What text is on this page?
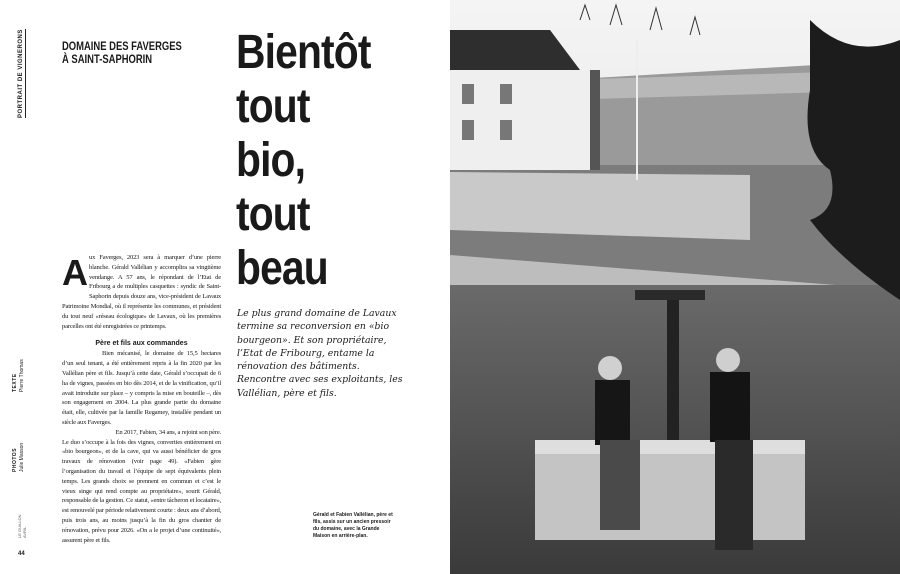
PORTRAIT DE VIGNERONS
TEXTE Pierre Thomas
PHOTOS Julie Masson
LE GUILLON AVRIL
44
DOMAINE DES FAVERGES
À SAINT-SAPHORIN	Bientôt
tout
bio,
tout
beau
Le plus grand domaine de Lavaux termine sa reconversion en «bio bourgeon». Et son propriétaire, l’Etat de Fribourg, entame la rénovation des bâtiments. Rencontre avec ses exploitants, les Vallélian, père et fils.
A ux Faverges, 2023 sera à marquer d’une pierre blanche. Gérald Vallélian y accomplira sa vingtième vendange. A 57 ans, le répondant de l’Etat de Fribourg a de multiples casquettes : syndic de Saint-Saphorin depuis douze ans, vice-président de Lavaux Patrimoine Mondial, où il représente les communes, et président du tout neuf «réseau écologique» de Lavaux, où les premières parcelles ont été enregistrées ce printemps.

Père et fils aux commandes

Bien mécanisé, le domaine de 15,5 hectares d’un seul tenant, a été entièrement repris à la fin 2020 par les Vallélian père et fils. Jusqu’à cette date, Gérald s’occupait de 6 ha de vignes, passées en bio dès 2014, et de la vinification, qu’il avait introduite sur place – y compris la mise en bouteille –, dès son engagement en 2004. La plus grande partie du domaine était, elle, cultivée par la famille Regamey, installée pendant un siècle aux Faverges.

En 2017, Fabien, 34 ans, a rejoint son père.

Le duo s’occupe à la fois des vignes, converties entièrement en «bio bourgeon», et de la cave, qui va aussi bénéficier de gros travaux de rénovation (voir page 49). «Fabien gère l’organisation du travail et l’équipe de sept équivalents plein temps. Les grands choix se prennent en commun et c’est le vieux singe qui rend compte au propriétaire», sourit Gérald, responsable de la gestion. Ce statut, «entre tâcheron et locataire», est renouvelé par période relativement courte : deux ans d’abord, puis trois ans, au moins jusqu’à la fin du gros chantier de rénovation, prévu pour 2026. «On a le projet d’une continuité», assurent père et fils.

Gérald et Fabien Vallélian, père et fils, assis sur un ancien pressoir du domaine, avec la Grande Maison en arrière-plan.
